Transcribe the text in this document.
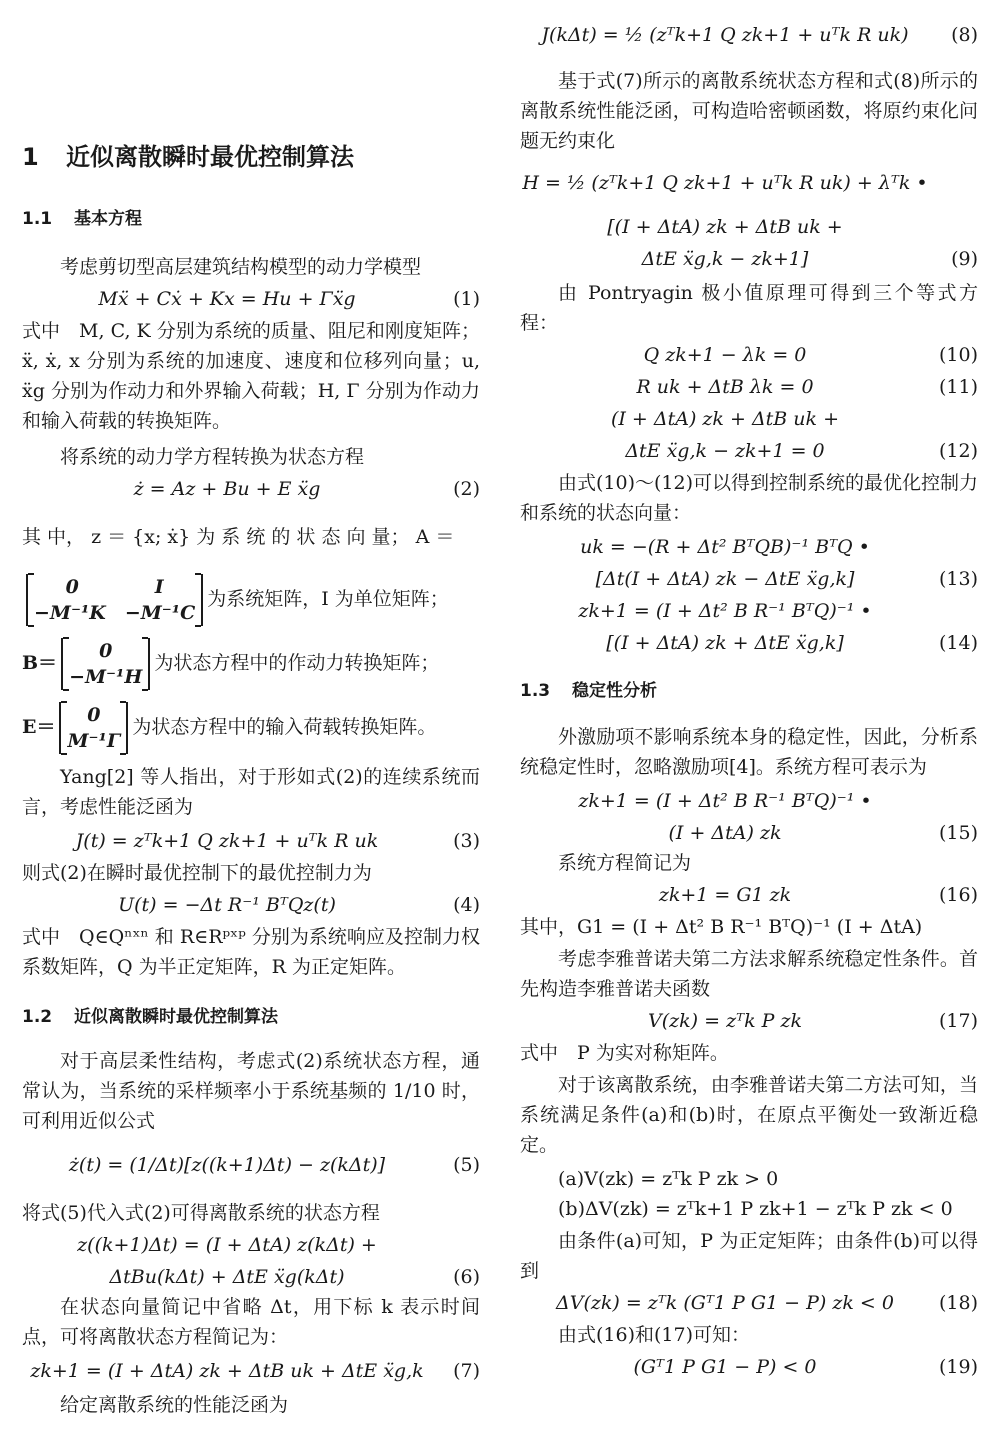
1 近似离散瞬时最优控制算法
1.1 基本方程
考虑剪切型高层建筑结构模型的动力学模型
Mẍ + Cẋ + Kx = Hu + Γẍg	(1)
式中　M, C, K 分别为系统的质量、阻尼和刚度矩阵；ẍ, ẋ, x 分别为系统的加速度、速度和位移列向量；u, ẍg 分别为作动力和外界输入荷载；H, Γ 分别为作动力和输入荷载的转换矩阵。
将系统的动力学方程转换为状态方程
ż = Az + Bu + E ẍg	(2)
其 中， z ＝ {x; ẋ} 为 系 统 的 状 态 向 量； A ＝
0　　　　I
−M⁻¹K　−M⁻¹C
为系统矩阵，I 为单位矩阵；
B＝
0
−M⁻¹H
为状态方程中的作动力转换矩阵；
E＝
0
M⁻¹Γ
为状态方程中的输入荷载转换矩阵。
Yang[2] 等人指出，对于形如式(2)的连续系统而言，考虑性能泛函为
J(t) = zᵀk+1 Q zk+1 + uᵀk R uk	(3)
则式(2)在瞬时最优控制下的最优控制力为
U(t) = −Δt R⁻¹ BᵀQz(t)	(4)
式中　Q∈Qⁿˣⁿ 和 R∈Rᵖˣᵖ 分别为系统响应及控制力权系数矩阵，Q 为半正定矩阵，R 为正定矩阵。
1.2 近似离散瞬时最优控制算法
对于高层柔性结构，考虑式(2)系统状态方程，通常认为，当系统的采样频率小于系统基频的 1/10 时，可利用近似公式
ż(t) = (1/Δt)[z((k+1)Δt) − z(kΔt)]	(5)
将式(5)代入式(2)可得离散系统的状态方程
z((k+1)Δt) = (I + ΔtA) z(kΔt) +
ΔtBu(kΔt) + ΔtE ẍg(kΔt)	(6)
在状态向量简记中省略 Δt，用下标 k 表示时间点，可将离散状态方程简记为：
zk+1 = (I + ΔtA) zk + ΔtB uk + ΔtE ẍg,k	(7)
给定离散系统的性能泛函为
J(kΔt) = ½ (zᵀk+1 Q zk+1 + uᵀk R uk)	(8)
基于式(7)所示的离散系统状态方程和式(8)所示的离散系统性能泛函，可构造哈密顿函数，将原约束化问题无约束化
H = ½ (zᵀk+1 Q zk+1 + uᵀk R uk) + λᵀk •
[(I + ΔtA) zk + ΔtB uk +
ΔtE ẍg,k − zk+1]	(9)
由 Pontryagin 极小值原理可得到三个等式方程：
Q zk+1 − λk = 0	(10)
R uk + ΔtB λk = 0	(11)
(I + ΔtA) zk + ΔtB uk +
ΔtE ẍg,k − zk+1 = 0	(12)
由式(10)～(12)可以得到控制系统的最优化控制力和系统的状态向量：
uk = −(R + Δt² BᵀQB)⁻¹ BᵀQ •
[Δt(I + ΔtA) zk − ΔtE ẍg,k]	(13)
zk+1 = (I + Δt² B R⁻¹ BᵀQ)⁻¹ •
[(I + ΔtA) zk + ΔtE ẍg,k]	(14)
1.3 稳定性分析
外激励项不影响系统本身的稳定性，因此，分析系统稳定性时，忽略激励项[4]。系统方程可表示为
zk+1 = (I + Δt² B R⁻¹ BᵀQ)⁻¹ •
(I + ΔtA) zk	(15)
系统方程简记为
zk+1 = G1 zk	(16)
其中，G1 = (I + Δt² B R⁻¹ BᵀQ)⁻¹ (I + ΔtA)
考虑李雅普诺夫第二方法求解系统稳定性条件。首先构造李雅普诺夫函数
V(zk) = zᵀk P zk	(17)
式中　P 为实对称矩阵。
对于该离散系统，由李雅普诺夫第二方法可知，当系统满足条件(a)和(b)时，在原点平衡处一致渐近稳定。
(a)V(zk) = zᵀk P zk > 0
(b)ΔV(zk) = zᵀk+1 P zk+1 − zᵀk P zk < 0
由条件(a)可知，P 为正定矩阵；由条件(b)可以得到
ΔV(zk) = zᵀk (Gᵀ1 P G1 − P) zk < 0	(18)
由式(16)和(17)可知：
(Gᵀ1 P G1 − P) < 0	(19)
